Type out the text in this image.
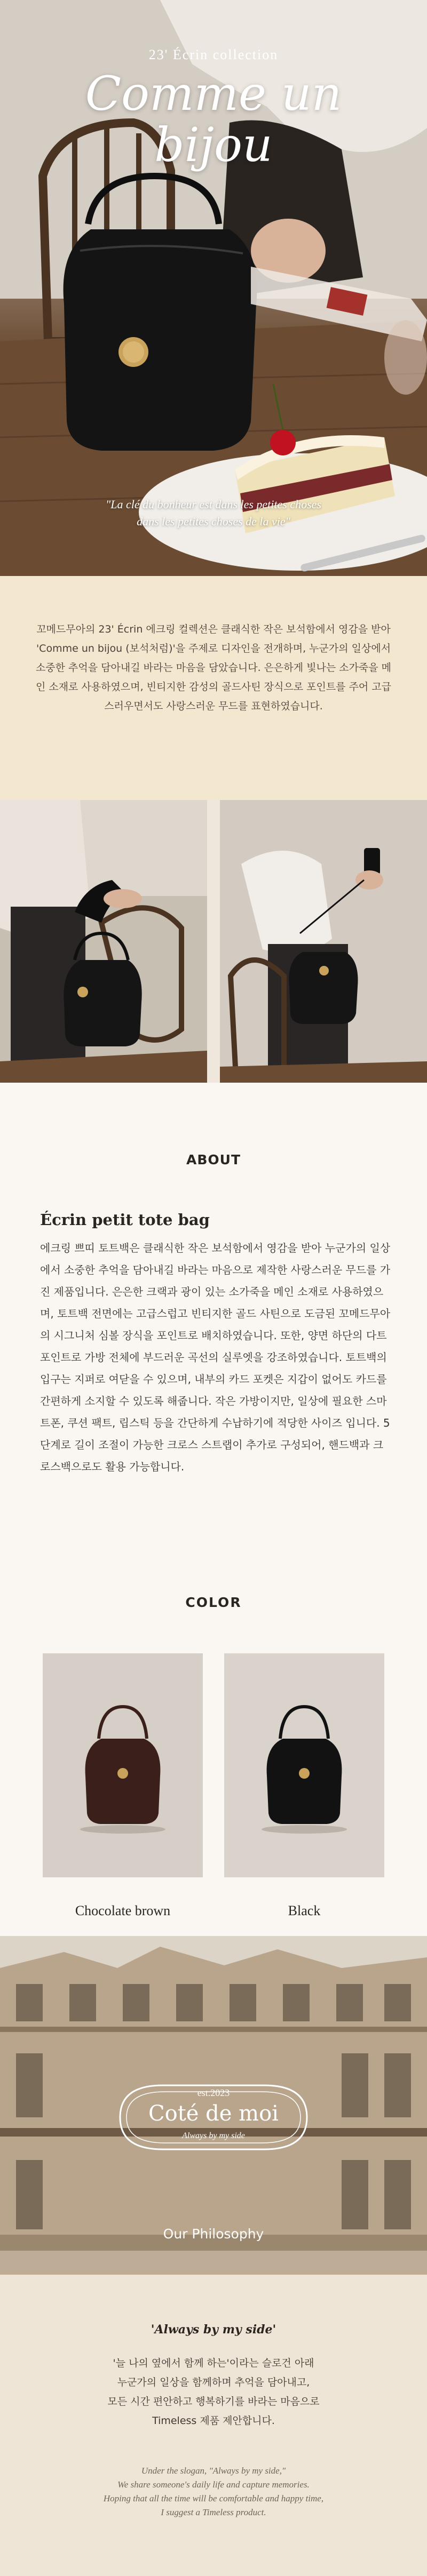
23' Écrin collection
Comme un
bijou
"La clé du bonheur est dans les petites choses
dans les petites choses de la vie"

꼬메드무아의 23' Écrin 에크링 컬렉션은 클래식한 작은 보석함에서 영감을 받아 'Comme un bijou (보석처럼)'을 주제로 디자인을 전개하며, 누군가의 일상에서 소중한 추억을 담아내길 바라는 마음을 담았습니다. 은은하게 빛나는 소가죽을 메인 소재로 사용하였으며, 빈티지한 감성의 골드사틴 장식으로 포인트를 주어 고급스러우면서도 사랑스러운 무드를 표현하였습니다.

ABOUT
Écrin petit tote bag

에크링 쁘띠 토트백은 클래식한 작은 보석함에서 영감을 받아 누군가의 일상에서 소중한 추억을 담아내길 바라는 마음으로 제작한 사랑스러운 무드를 가진 제품입니다. 은은한 크랙과 광이 있는 소가죽을 메인 소재로 사용하였으며, 토트백 전면에는 고급스럽고 빈티지한 골드 사틴으로 도금된 꼬메드무아의 시그니처 심볼 장식을 포인트로 배치하였습니다. 또한, 양면 하단의 다트 포인트로 가방 전체에 부드러운 곡선의 실루엣을 강조하였습니다. 토트백의 입구는 지퍼로 여닫을 수 있으며, 내부의 카드 포켓은 지갑이 없어도 카드를 간편하게 소지할 수 있도록 해줍니다. 작은 가방이지만, 일상에 필요한 스마트폰, 쿠션 팩트, 립스틱 등을 간단하게 수납하기에 적당한 사이즈 입니다. 5단계로 길이 조절이 가능한 크로스 스트랩이 추가로 구성되어, 핸드백과 크로스백으로도 활용 가능합니다.

COLOR
Chocolate brown	Black
est.2023
Coté de moi
Always by my side
Our Philosophy
'Always by my side'
'늘 나의 옆에서 함께 하는'이라는 슬로건 아래
누군가의 일상을 함께하며 추억을 담아내고,
모든 시간 편안하고 행복하기를 바라는 마음으로
Timeless 제품 제안합니다.
Under the slogan, "Always by my side,"
We share someone's daily life and capture memories.
Hoping that all the time will be comfortable and happy time,
I suggest a Timeless product.
